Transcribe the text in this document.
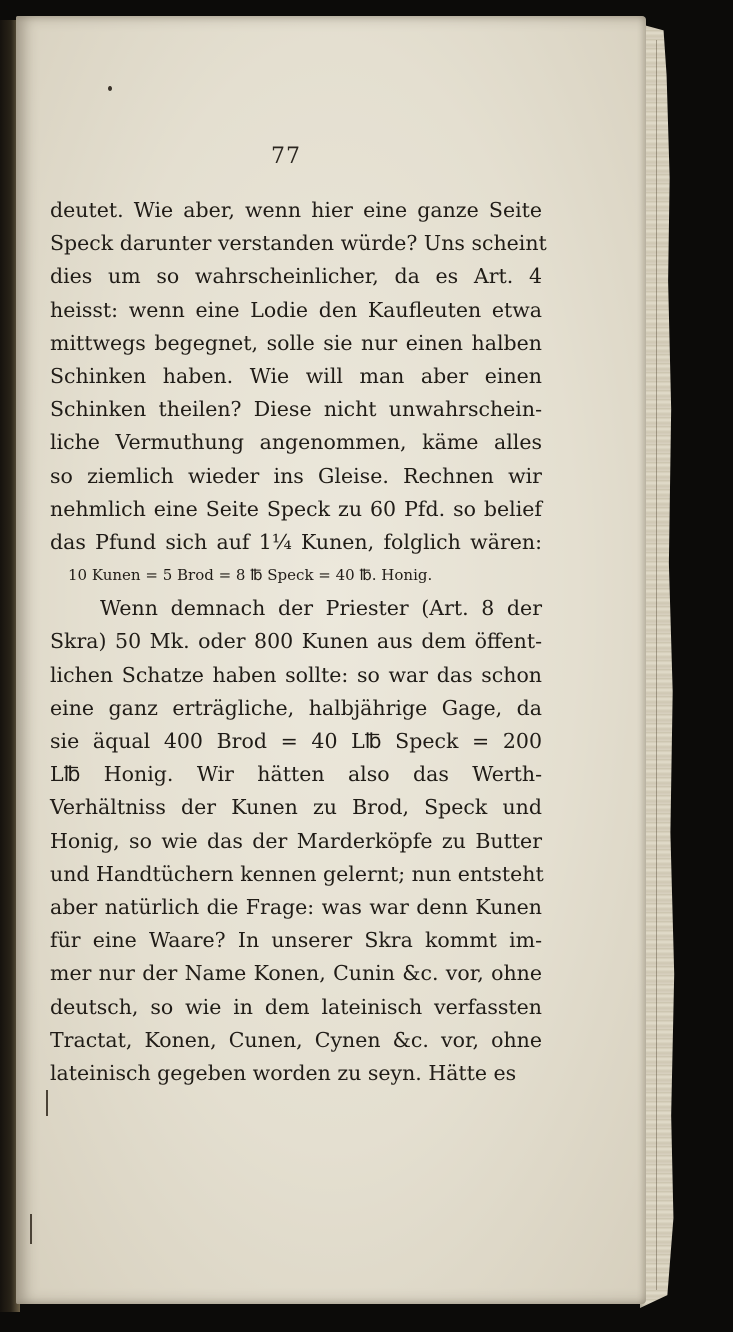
77
deutet. Wie aber, wenn hier eine ganze Seite
Speck darunter verstanden würde? Uns scheint
dies um so wahrscheinlicher, da es Art. 4
heisst: wenn eine Lodie den Kaufleuten etwa
mittwegs begegnet, solle sie nur einen halben
Schinken haben. Wie will man aber einen
Schinken theilen? Diese nicht unwahrschein-
liche Vermuthung angenommen, käme alles
so ziemlich wieder ins Gleise. Rechnen wir
nehmlich eine Seite Speck zu 60 Pfd. so belief
das Pfund sich auf 1¼ Kunen, folglich wären:
10 Kunen = 5 Brod = 8 ℔ Speck = 40 ℔. Honig.
Wenn demnach der Priester (Art. 8 der
Skra) 50 Mk. oder 800 Kunen aus dem öffent-
lichen Schatze haben sollte: so war das schon
eine ganz erträgliche, halbjährige Gage, da
sie äqual 400 Brod = 40 L℔ Speck = 200
L℔ Honig. Wir hätten also das Werth-
Verhältniss der Kunen zu Brod, Speck und
Honig, so wie das der Marderköpfe zu Butter
und Handtüchern kennen gelernt; nun entsteht
aber natürlich die Frage: was war denn Kunen
für eine Waare? In unserer Skra kommt im-
mer nur der Name Konen, Cunin &c. vor, ohne
deutsch, so wie in dem lateinisch verfassten
Tractat, Konen, Cunen, Cynen &c. vor, ohne
lateinisch gegeben worden zu seyn. Hätte es
